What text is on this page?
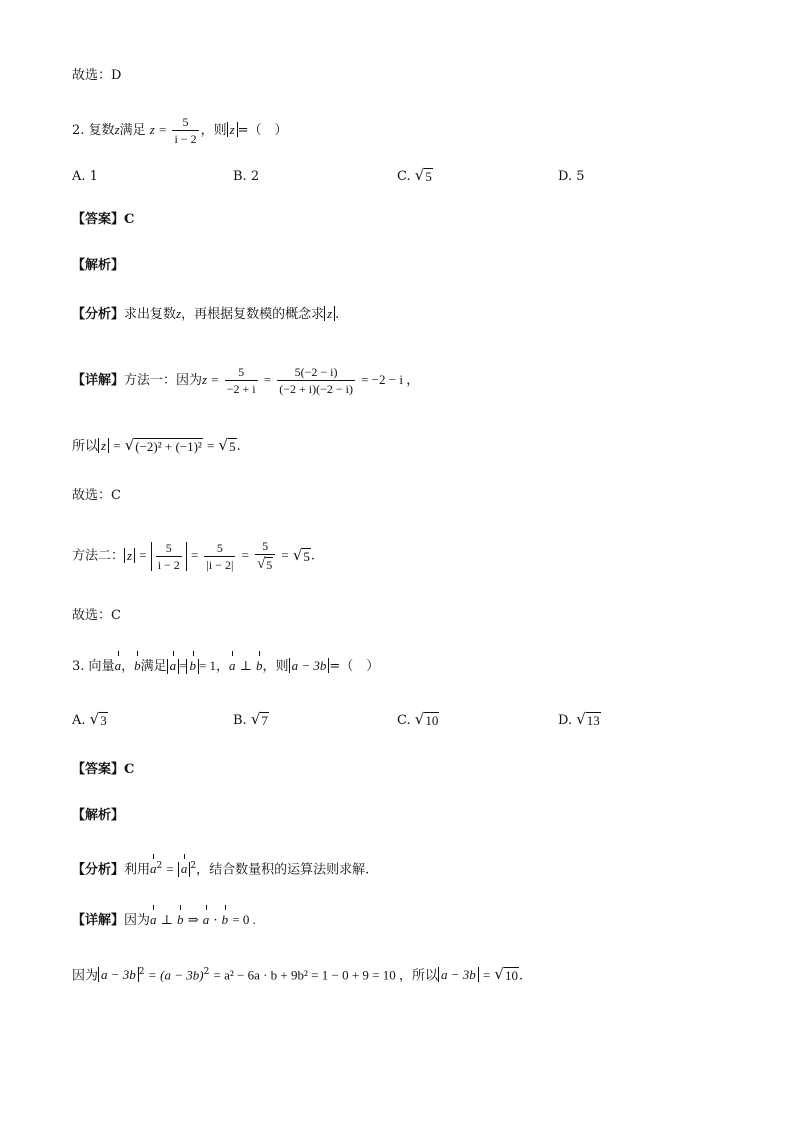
故选：D
2. 复数z满足 $z = \frac{5}{i - 2}$ ，则 z =（　）
A. 1	B. 2	C. √ 5	D. 5
【答案】C
【解析】
【分析】求出复数z，再根据复数模的概念求 z .
【详解】方法一：因为$z = \frac{5}{-2 + i} = \frac{5(-2 - i)}{(-2 + i)(-2 - i)} = -2 - i$ ，
所以 z = √ (−2)² + (−1)² = √ 5 .
故选：C
方法二： $z = \frac{5}{i - 2} = \frac{5}{|i - 2|} = \frac{5}{√ 5}$ = √ 5 .
故选：C
3. 向量a，b满足 a = b = 1，a ⊥ b，则 a − 3b =（　）
A. √ 3	B. √ 7	C. √ 10	D. √ 13
【答案】C
【解析】
【分析】利用$a^2 = a$ $^2$，结合数量积的运算法则求解.
【详解】因为a ⊥ b ⇒ a · b = 0 .
因为 a − 3b $^2 = (a - 3b)^2 = a^2 - 6a \cdot b + 9b^2 = 1 - 0 + 9 = 10$ ，所以 a − 3b = √ 10 .
